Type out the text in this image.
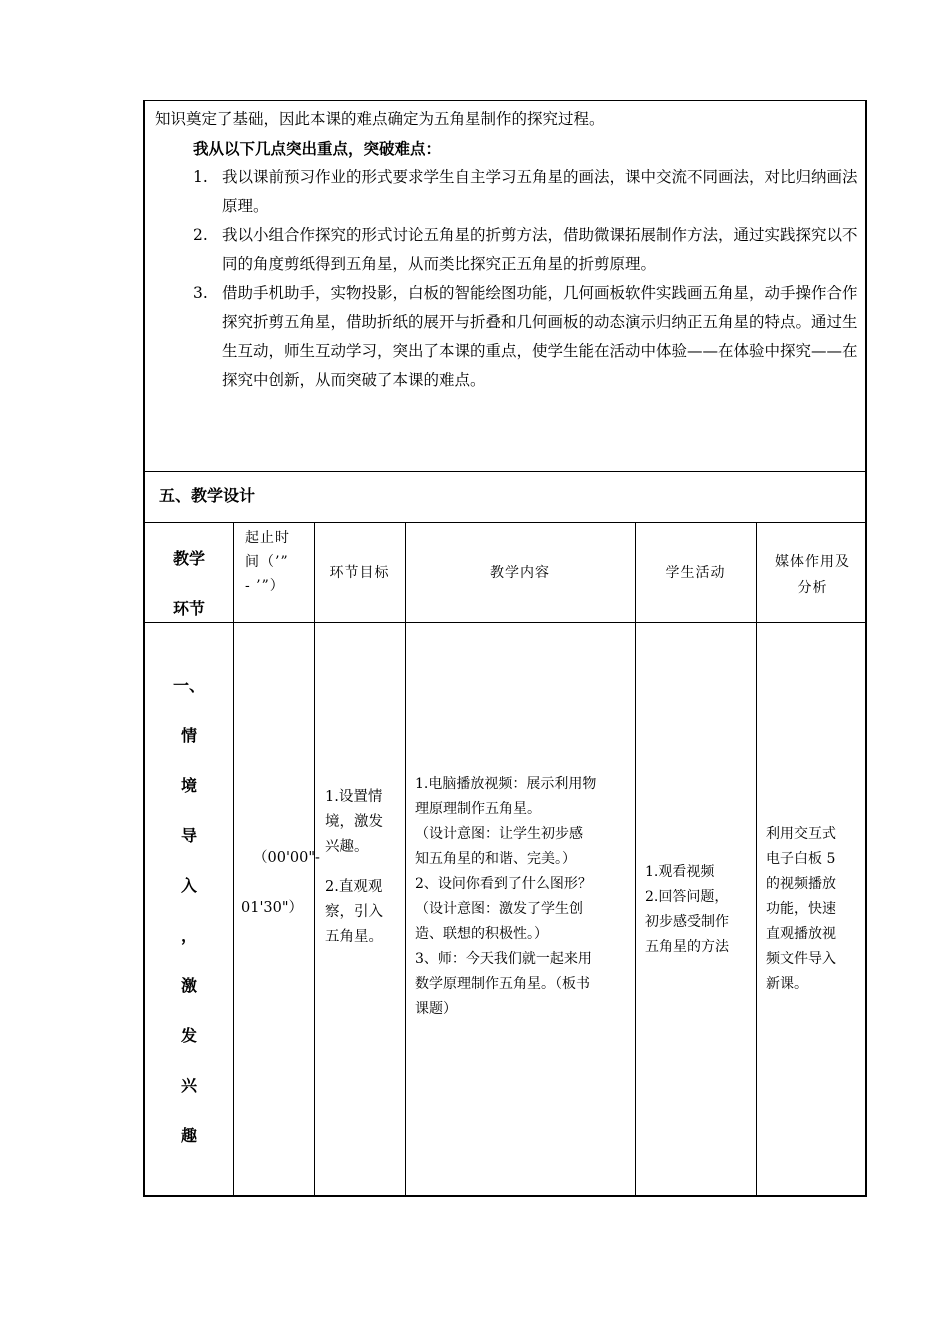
知识奠定了基础，因此本课的难点确定为五角星制作的探究过程。
我从以下几点突出重点，突破难点：
1. 我以课前预习作业的形式要求学生自主学习五角星的画法，课中交流不同画法，对比归纳画法原理。
2. 我以小组合作探究的形式讨论五角星的折剪方法，借助微课拓展制作方法，通过实践探究以不同的角度剪纸得到五角星，从而类比探究正五角星的折剪原理。
3. 借助手机助手，实物投影，白板的智能绘图功能，几何画板软件实践画五角星，动手操作合作探究折剪五角星，借助折纸的展开与折叠和几何画板的动态演示归纳正五角星的特点。通过生生互动，师生互动学习，突出了本课的重点，使学生能在活动中体验——在体验中探究——在探究中创新，从而突破了本课的难点。
五、教学设计
教学
环节
起止时
间（’”
- ’”）
环节目标	教学内容	学生活动
媒体作用及
分析
一、
情
境
导
入
，
激
发
兴
趣
（00'00"-
01'30"）
1.设置情
境，激发
兴趣。
2.直观观
察，引入
五角星。
1.电脑播放视频：展示利用物
理原理制作五角星。
（设计意图：让学生初步感
知五角星的和谐、完美。）
2、设问你看到了什么图形？
（设计意图：激发了学生创
造、联想的积极性。）
3、师：今天我们就一起来用
数学原理制作五角星。（板书
课题）
1.观看视频
2.回答问题，
初步感受制作
五角星的方法
利用交互式
电子白板 5
的视频播放
功能，快速
直观播放视
频文件导入
新课。
